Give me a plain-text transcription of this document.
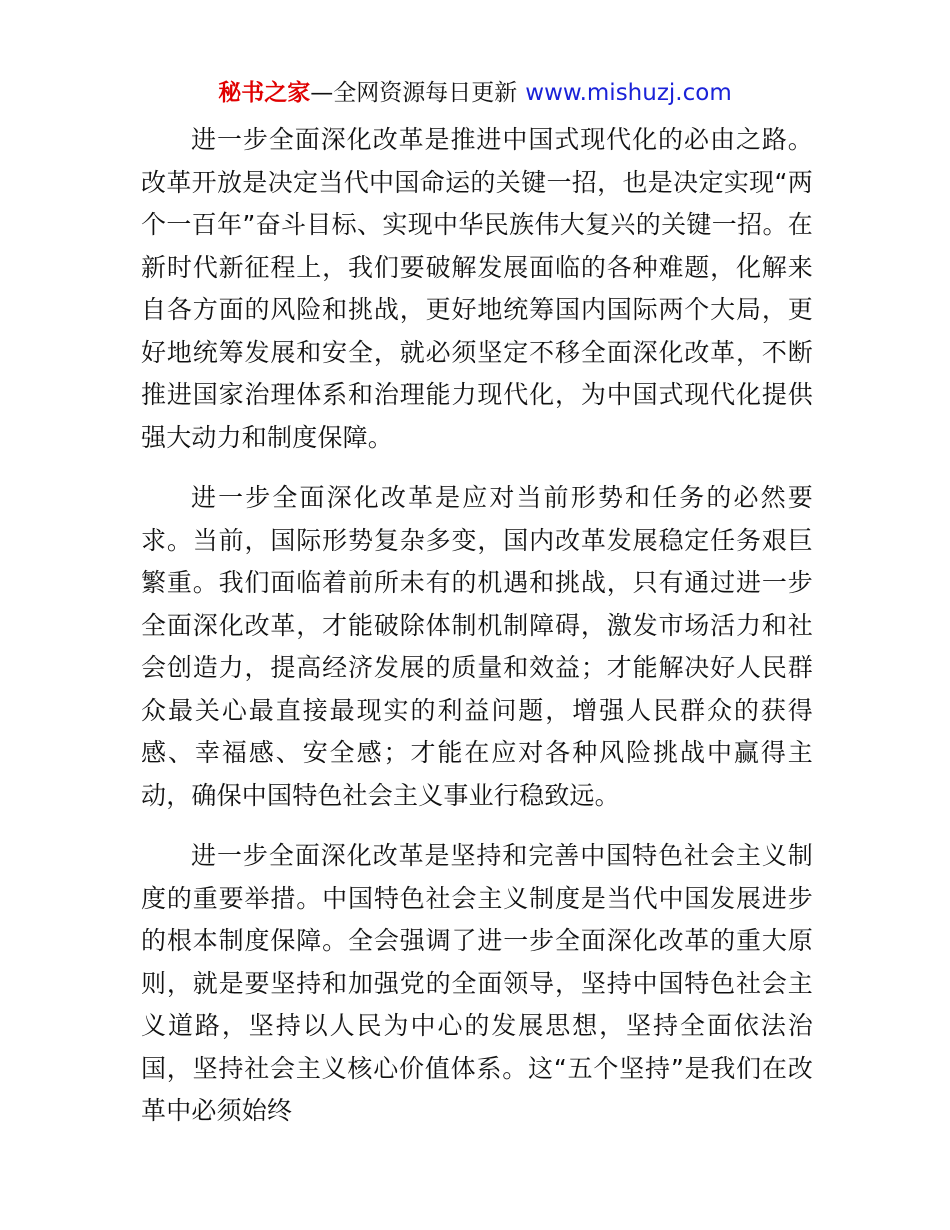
秘书之家—全网资源每日更新 www.mishuzj.com

进一步全面深化改革是推进中国式现代化的必由之路。改革开放是决定当代中国命运的关键一招，也是决定实现“两个一百年”奋斗目标、实现中华民族伟大复兴的关键一招。在新时代新征程上，我们要破解发展面临的各种难题，化解来自各方面的风险和挑战，更好地统筹国内国际两个大局，更好地统筹发展和安全，就必须坚定不移全面深化改革，不断推进国家治理体系和治理能力现代化，为中国式现代化提供强大动力和制度保障。

进一步全面深化改革是应对当前形势和任务的必然要求。当前，国际形势复杂多变，国内改革发展稳定任务艰巨繁重。我们面临着前所未有的机遇和挑战，只有通过进一步全面深化改革，才能破除体制机制障碍，激发市场活力和社会创造力，提高经济发展的质量和效益；才能解决好人民群众最关心最直接最现实的利益问题，增强人民群众的获得感、幸福感、安全感；才能在应对各种风险挑战中赢得主动，确保中国特色社会主义事业行稳致远。

进一步全面深化改革是坚持和完善中国特色社会主义制度的重要举措。中国特色社会主义制度是当代中国发展进步的根本制度保障。全会强调了进一步全面深化改革的重大原则，就是要坚持和加强党的全面领导，坚持中国特色社会主义道路，坚持以人民为中心的发展思想，坚持全面依法治国，坚持社会主义核心价值体系。这“五个坚持”是我们在改革中必须始终
